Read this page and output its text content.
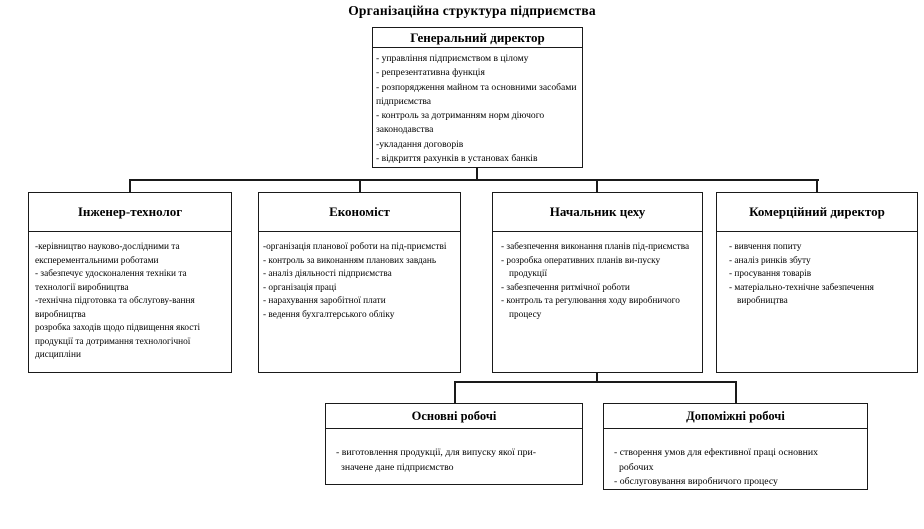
Організаційна структура підприємства
Генеральний директор
- управління підприємством в цілому
- репрезентативна функція
- розпорядження майном та основними засобами підприємства
- контроль за дотриманням норм діючого законодавства
-укладання договорів
- відкриття рахунків в установах банків
Інженер-технолог
-керівництво науково-дослідними та експерементальними роботами
- забезпечує удосконалення техніки та технології виробництва
-технічна підготовка та обслугову-вання виробництва
розробка заходів щодо підвищення якості продукції та дотримання технологічної дисципліни
Економіст
-організація планової роботи на під-приємстві
- контроль за виконанням планових завдань
- аналіз діяльності підприємства
- організація праці
- нарахування заробітної плати
- ведення бухгалтерського обліку
Начальник цеху
- забезпечення виконання планів під-приємства
- розробка оперативних планів ви-пуску продукції
- забезпечення ритмічної роботи
- контроль та регулювання ходу виробничого процесу
Комерційний директор
- вивчення попиту
- аналіз ринків збуту
- просування товарів
- матеріально-технічне забезпечення виробництва
Основні робочі
- виготовлення продукції, для випуску якої при-значене дане підприємство
Допоміжні робочі
- створення умов для ефективної праці основних робочих
- обслуговування виробничого процесу
